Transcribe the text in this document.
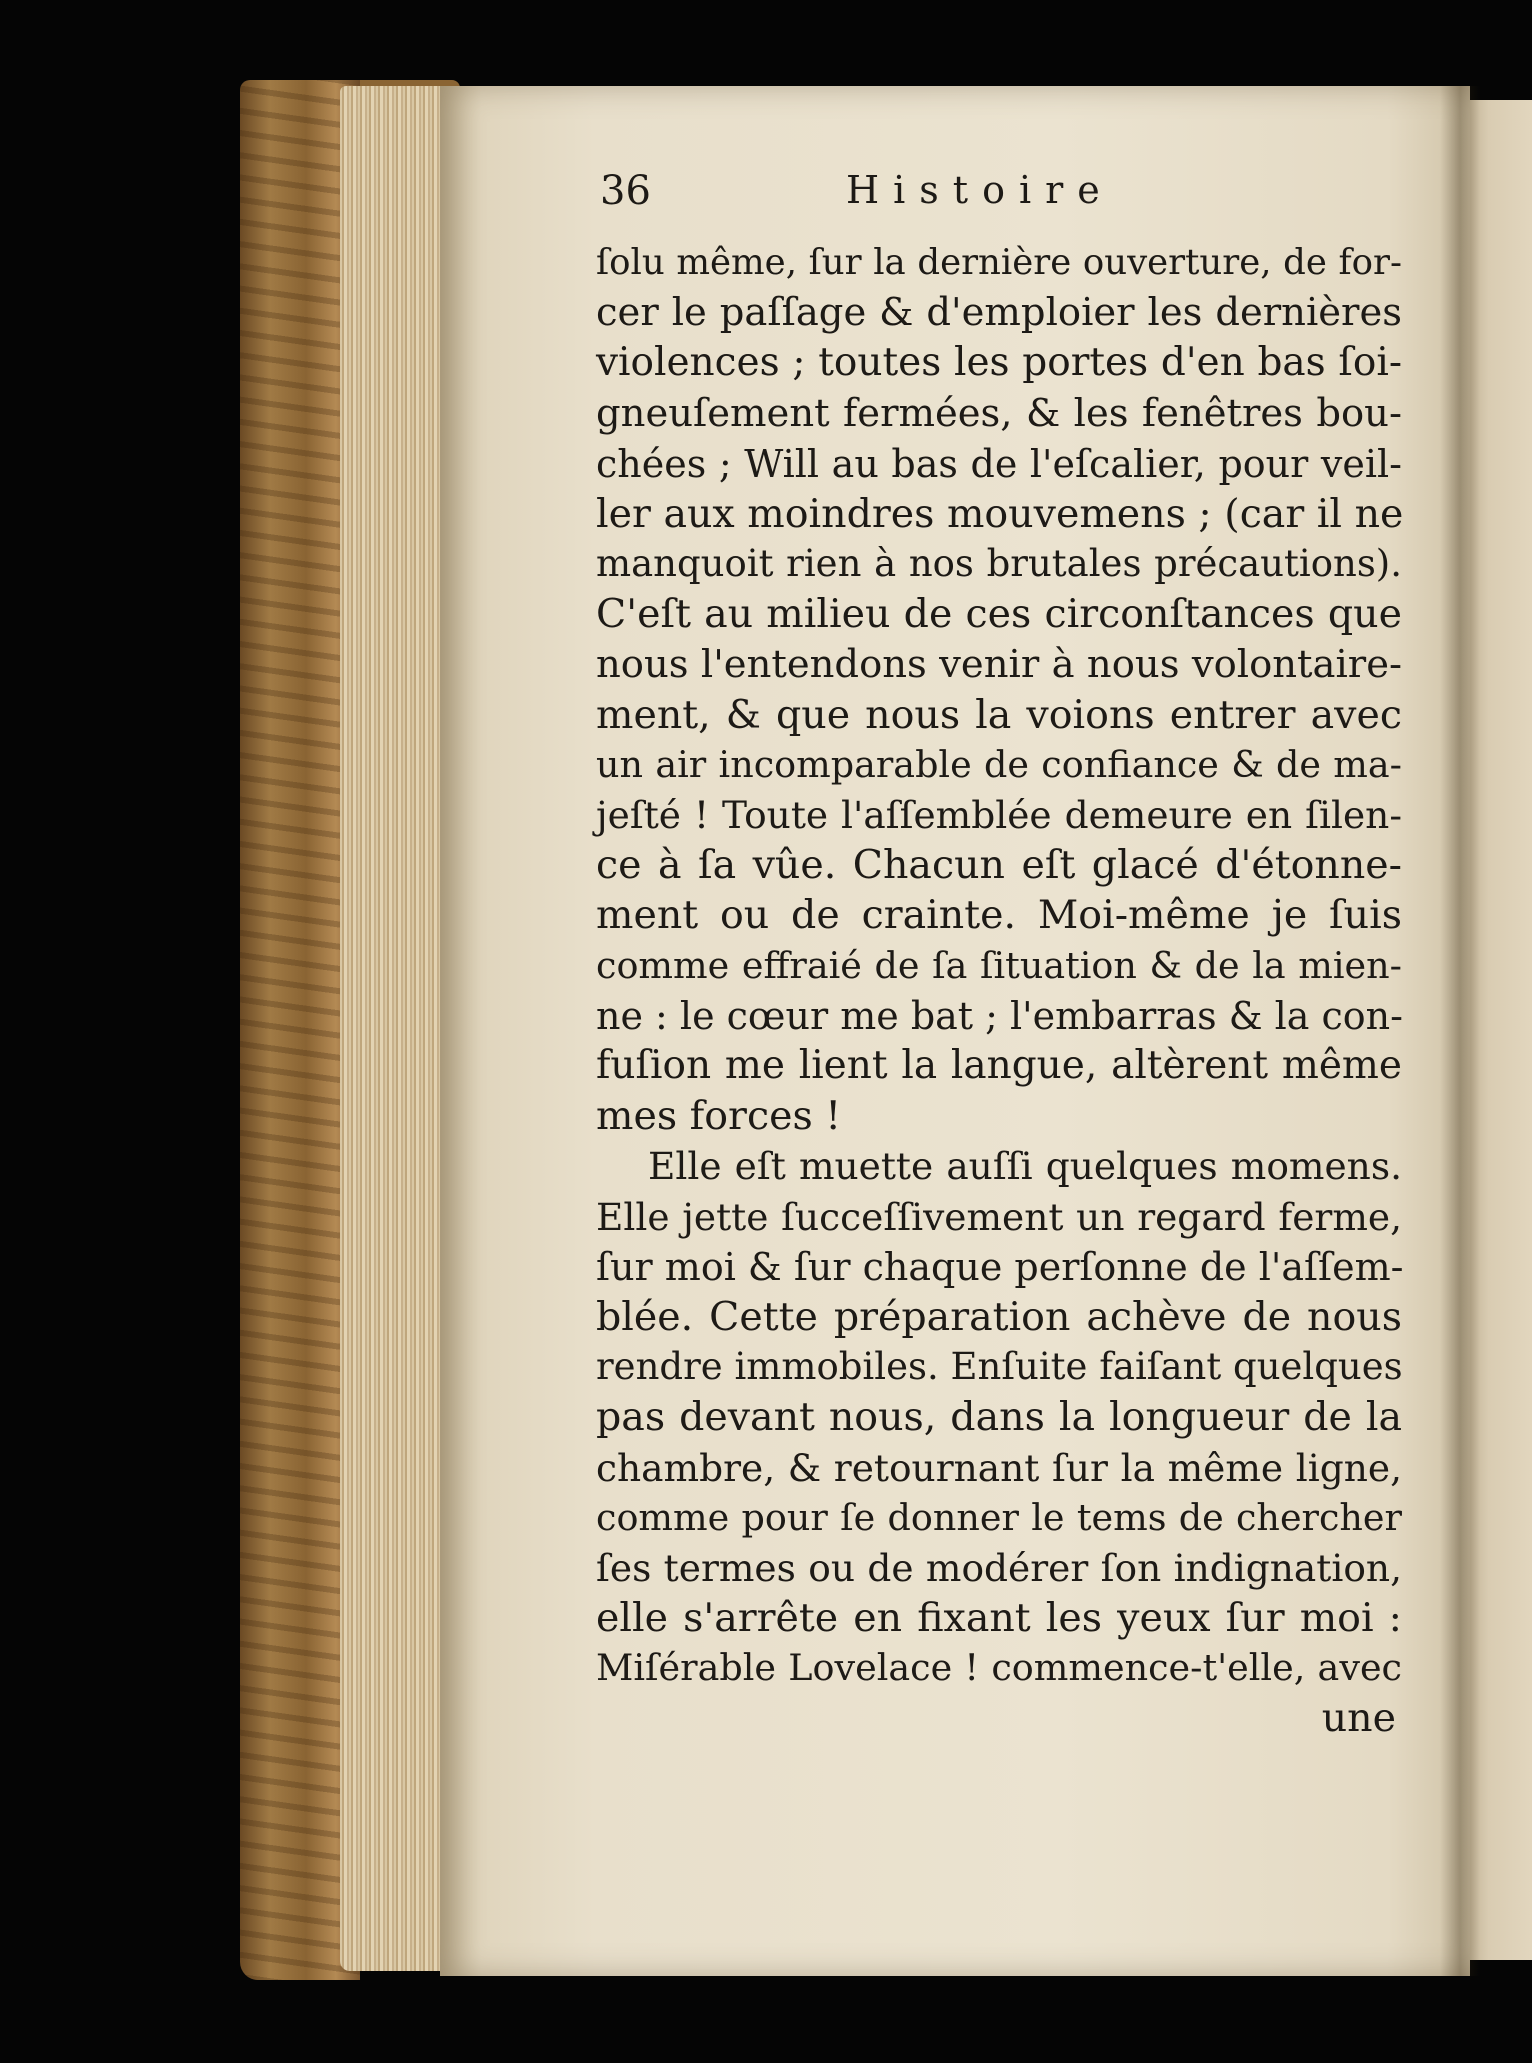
36	Histoire
ſolu même, ſur la dernière ouverture, de for-
cer le paſſage & d'emploier les dernières
violences ; toutes les portes d'en bas ſoi-
gneuſement fermées, & les fenêtres bou-
chées ; Will au bas de l'eſcalier, pour veil-
ler aux moindres mouvemens ; (car il ne
manquoit rien à nos brutales précautions).
C'eſt au milieu de ces circonſtances que
nous l'entendons venir à nous volontaire-
ment, & que nous la voions entrer avec
un air incomparable de confiance & de ma-
jeſté ! Toute l'aſſemblée demeure en ſilen-
ce à ſa vûe. Chacun eſt glacé d'étonne-
ment ou de crainte. Moi-même je ſuis
comme effraié de ſa ſituation & de la mien-
ne : le cœur me bat ; l'embarras & la con-
fuſion me lient la langue, altèrent même
mes forces !
Elle eſt muette auſſi quelques momens.
Elle jette ſucceſſivement un regard ferme,
ſur moi & ſur chaque perſonne de l'aſſem-
blée. Cette préparation achève de nous
rendre immobiles. Enſuite faiſant quelques
pas devant nous, dans la longueur de la
chambre, & retournant ſur la même ligne,
comme pour ſe donner le tems de chercher
ſes termes ou de modérer ſon indignation,
elle s'arrête en fixant les yeux ſur moi :
Miſérable Lovelace ! commence-t'elle, avec
une
